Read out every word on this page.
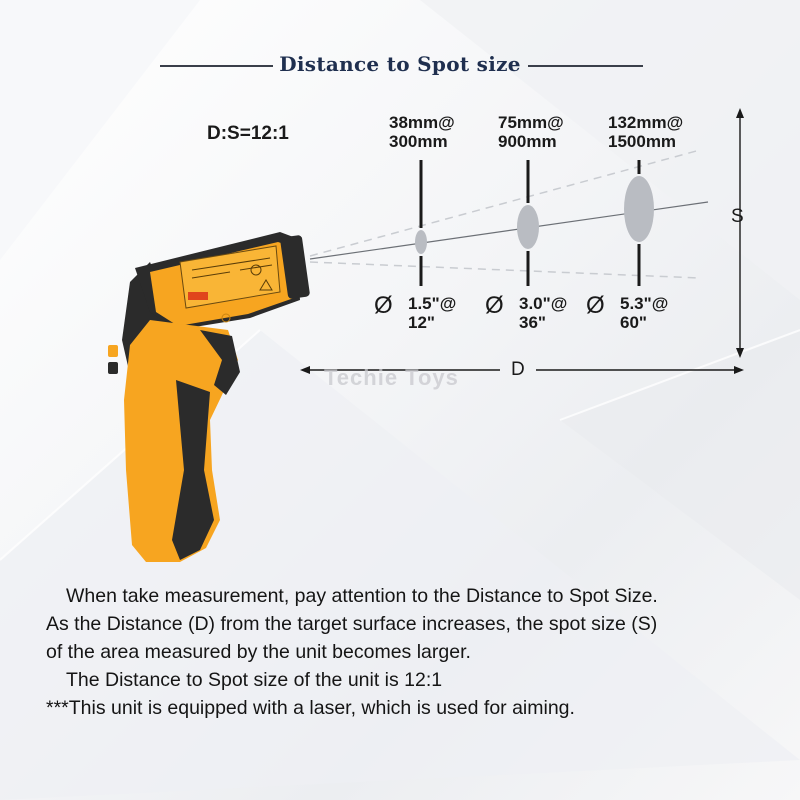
Distance to Spot size
D:S=12:1
38mm@
300mm
75mm@
900mm
132mm@
1500mm
Ø 1.5"@
12"
Ø 3.0"@
36"
Ø 5.3"@
60"
S
D
Techie Toys

When take measurement, pay attention to the Distance to Spot Size.

As the Distance (D) from the target surface increases, the spot size (S)

of the area measured by the unit becomes larger.

The Distance to Spot size of the unit is 12:1

***This unit is equipped with a laser, which is used for aiming.
